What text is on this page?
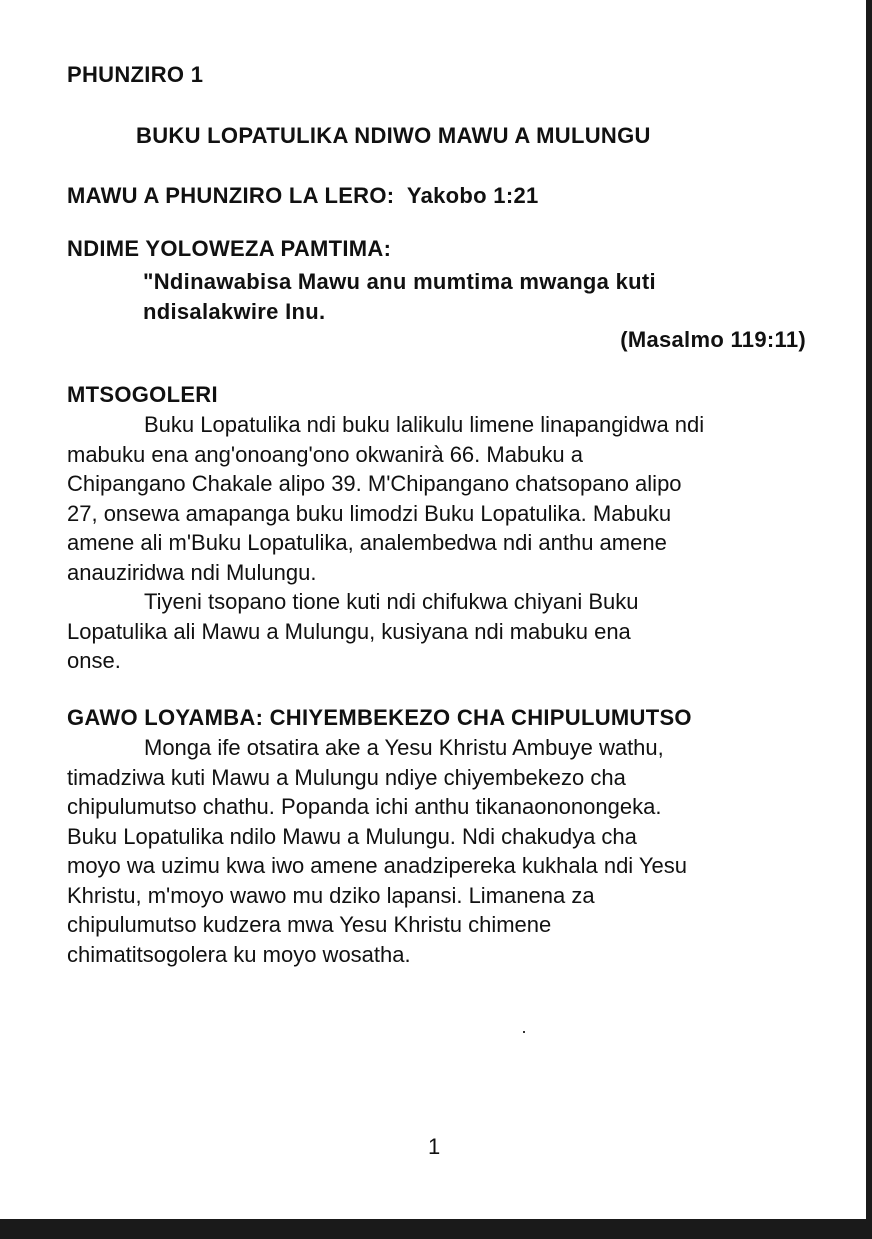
PHUNZIRO 1
BUKU LOPATULIKA NDIWO MAWU A MULUNGU
MAWU A PHUNZIRO LA LERO: Yakobo 1:21
NDIME YOLOWEZA PAMTIMA:
"Ndinawabisa Mawu anu mumtima mwanga kuti
ndisalakwire Inu.
(Masalmo 119:11)
MTSOGOLERI
Buku Lopatulika ndi buku lalikulu limene linapangidwa ndi
mabuku ena ang'onoang'ono okwanirà 66. Mabuku a
Chipangano Chakale alipo 39. M'Chipangano chatsopano alipo
27, onsewa amapanga buku limodzi Buku Lopatulika. Mabuku
amene ali m'Buku Lopatulika, analembedwa ndi anthu amene
anauziridwa ndi Mulungu.
Tiyeni tsopano tione kuti ndi chifukwa chiyani Buku
Lopatulika ali Mawu a Mulungu, kusiyana ndi mabuku ena
onse.
GAWO LOYAMBA: CHIYEMBEKEZO CHA CHIPULUMUTSO
Monga ife otsatira ake a Yesu Khristu Ambuye wathu,
timadziwa kuti Mawu a Mulungu ndiye chiyembekezo cha
chipulumutso chathu. Popanda ichi anthu tikanaononongeka.
Buku Lopatulika ndilo Mawu a Mulungu. Ndi chakudya cha
moyo wa uzimu kwa iwo amene anadzipereka kukhala ndi Yesu
Khristu, m'moyo wawo mu dziko lapansi. Limanena za
chipulumutso kudzera mwa Yesu Khristu chimene
chimatitsogolera ku moyo wosatha.
1
